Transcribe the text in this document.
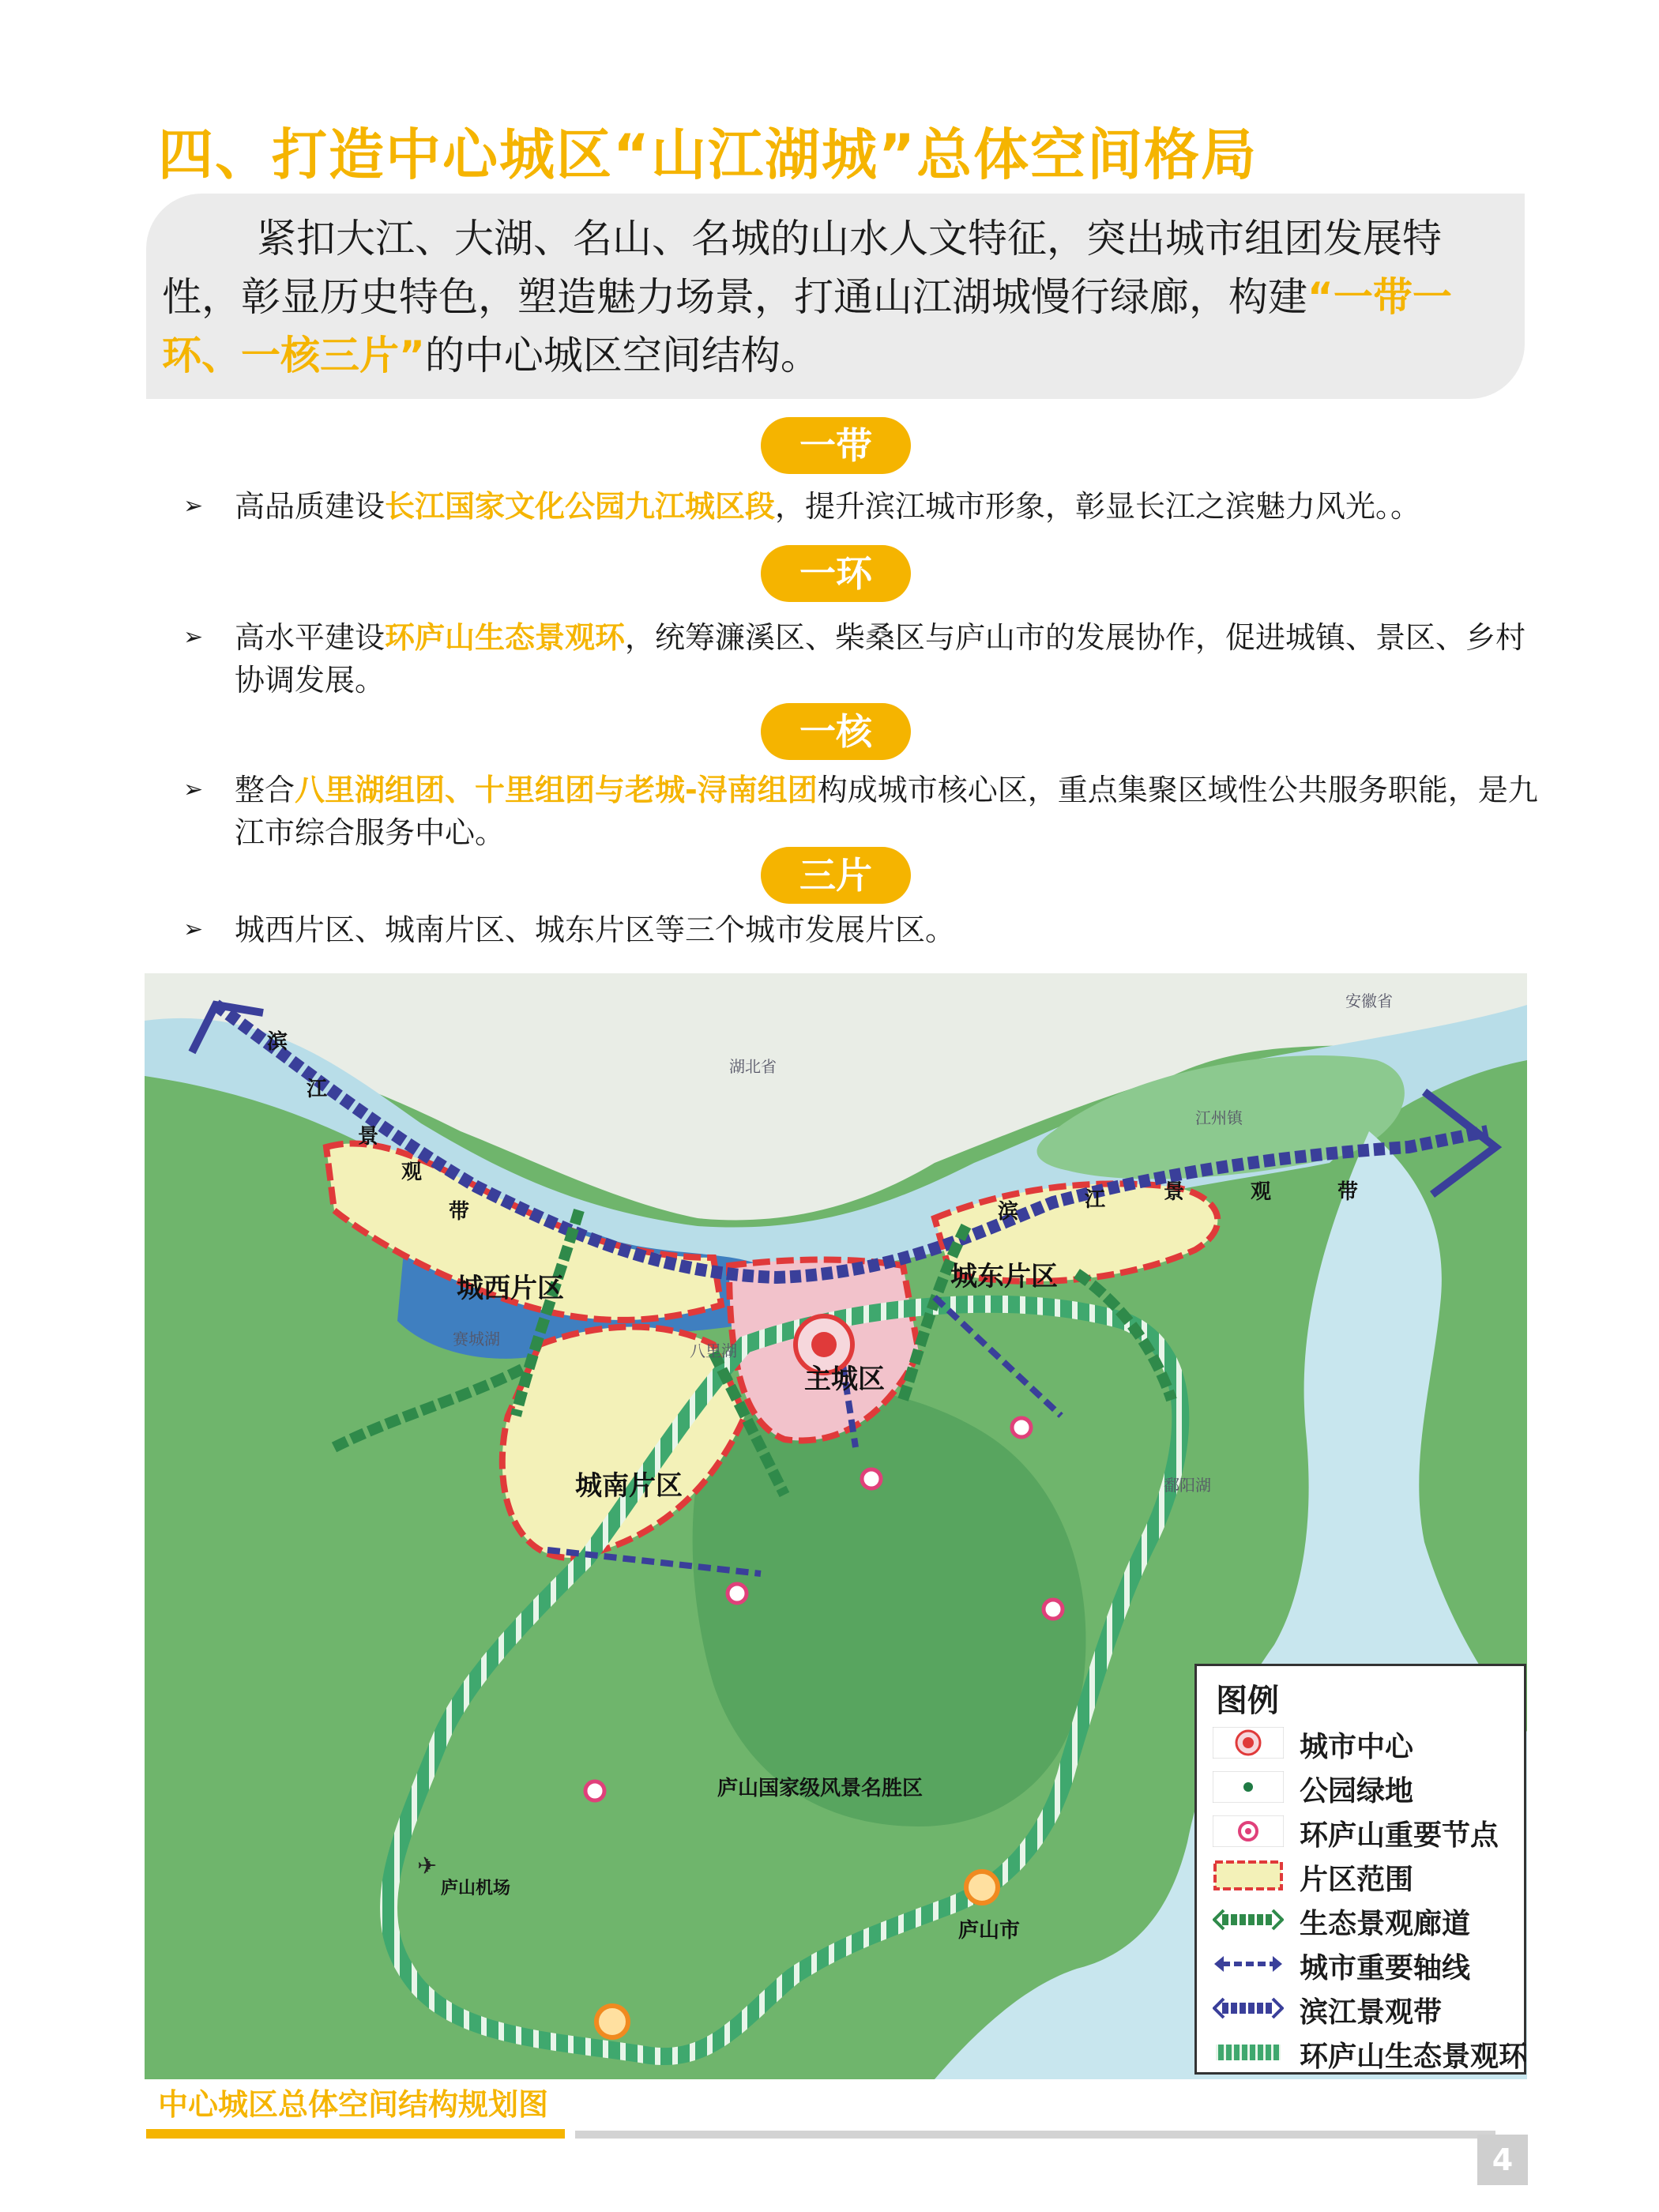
四、打造中心城区“山江湖城”总体空间格局

紧扣大江、大湖、名山、名城的山水人文特征，突出城市组团发展特性，彰显历史特色，塑造魅力场景，打通山江湖城慢行绿廊，构建“一带一环、一核三片”的中心城区空间结构。

一带
➢ 高品质建设长江国家文化公园九江城区段，提升滨江城市形象，彰显长江之滨魅力风光。。
一环
➢ 高水平建设环庐山生态景观环，统筹濂溪区、柴桑区与庐山市的发展协作，促进城镇、景区、乡村协调发展。
一核
➢ 整合八里湖组团、十里组团与老城-浔南组团构成城市核心区，重点集聚区域性公共服务职能，是九江市综合服务中心。
三片
➢ 城西片区、城南片区、城东片区等三个城市发展片区。
滨
江
景
观
带	滨	江	景	观	带
城西片区	城东片区
主城区
城南片区
庐山国家级风景名胜区
庐山机场
庐山市
安徽省
湖北省
鄱阳湖
赛城湖
八里湖
江州镇
✈
图例
城市中心
公园绿地
环庐山重要节点
片区范围
生态景观廊道
城市重要轴线
滨江景观带
环庐山生态景观环
中心城区总体空间结构规划图
4
